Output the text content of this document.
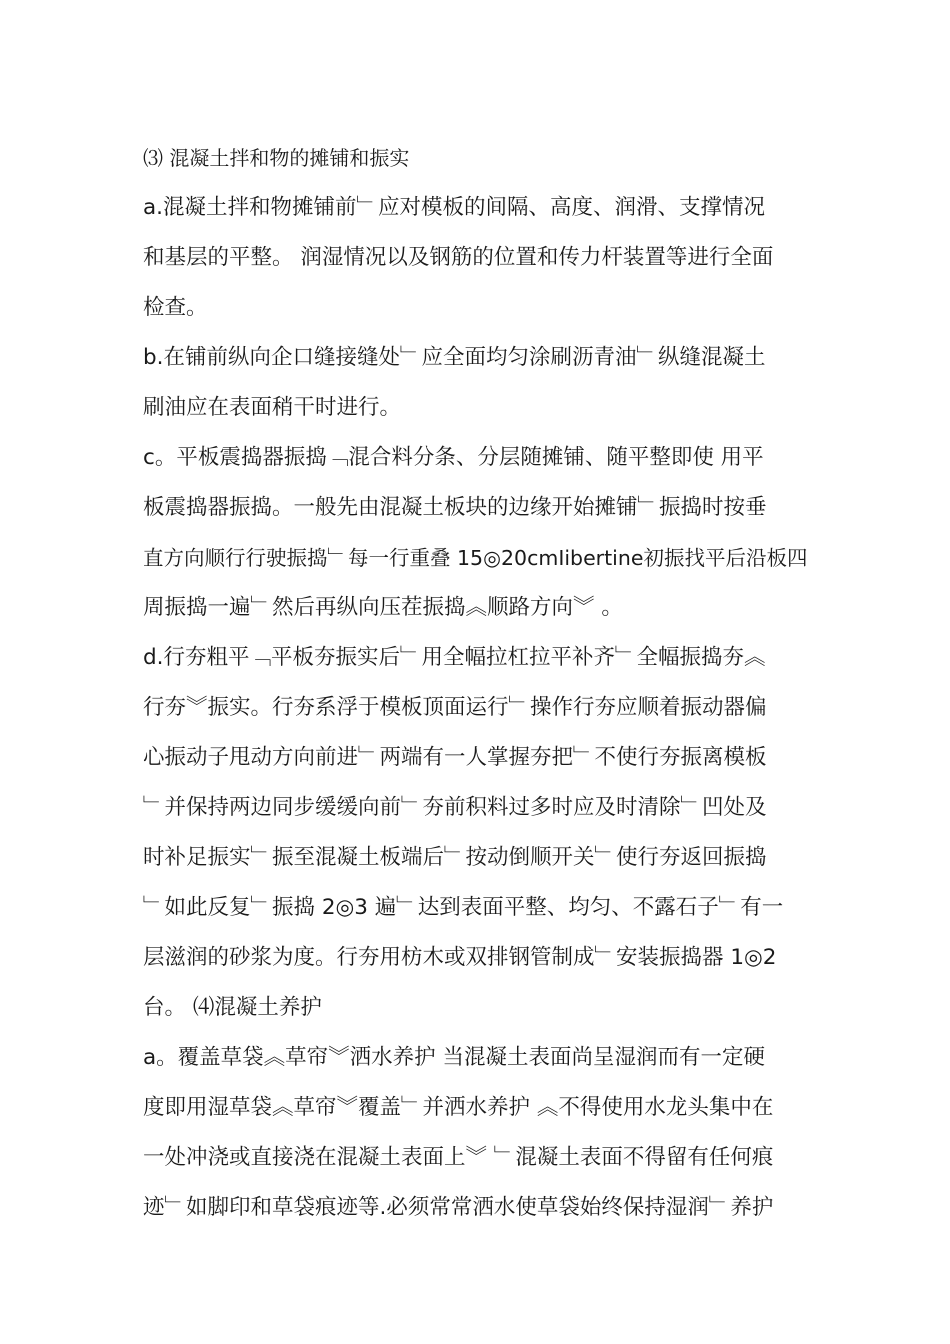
⑶ 混凝土拌和物的摊铺和振实
a.混凝土拌和物摊铺前﹂应对模板的间隔、高度、润滑、支撑情况
和基层的平整。 润湿情况以及钢筋的位置和传力杆装置等进行全面
检查。
b.在铺前纵向企口缝接缝处﹂应全面均匀涂刷沥青油﹂纵缝混凝土
刷油应在表面稍干时进行。
c。平板震捣器振捣﹁混合料分条、分层随摊铺、随平整即使 用平
板震捣器振捣。一般先由混凝土板块的边缘开始摊铺﹂振捣时按垂
直方向顺行行驶振捣﹂每一行重叠 15◎20cmIibertine初振找平后沿板四
周振捣一遍﹂然后再纵向压茬振捣︽顺路方向︾ 。
d.行夯粗平﹁平板夯振实后﹂用全幅拉杠拉平补齐﹂全幅振捣夯︽
行夯︾振实。行夯系浮于模板顶面运行﹂操作行夯应顺着振动器偏
心振动子甩动方向前进﹂两端有一人掌握夯把﹂不使行夯振离模板
﹂并保持两边同步缓缓向前﹂夯前积料过多时应及时清除﹂凹处及
时补足振实﹂振至混凝土板端后﹂按动倒顺开关﹂使行夯返回振捣
﹂如此反复﹂振捣 2◎3 遍﹂达到表面平整、均匀、不露石子﹂有一
层滋润的砂浆为度。行夯用枋木或双排钢管制成﹂安装振捣器 1◎2
台。 ⑷混凝土养护
a。覆盖草袋︽草帘︾洒水养护 当混凝土表面尚呈湿润而有一定硬
度即用湿草袋︽草帘︾覆盖﹂并洒水养护 ︽不得使用水龙头集中在
一处冲浇或直接浇在混凝土表面上︾ ﹂混凝土表面不得留有任何痕
迹﹂如脚印和草袋痕迹等.必须常常洒水使草袋始终保持湿润﹂养护
